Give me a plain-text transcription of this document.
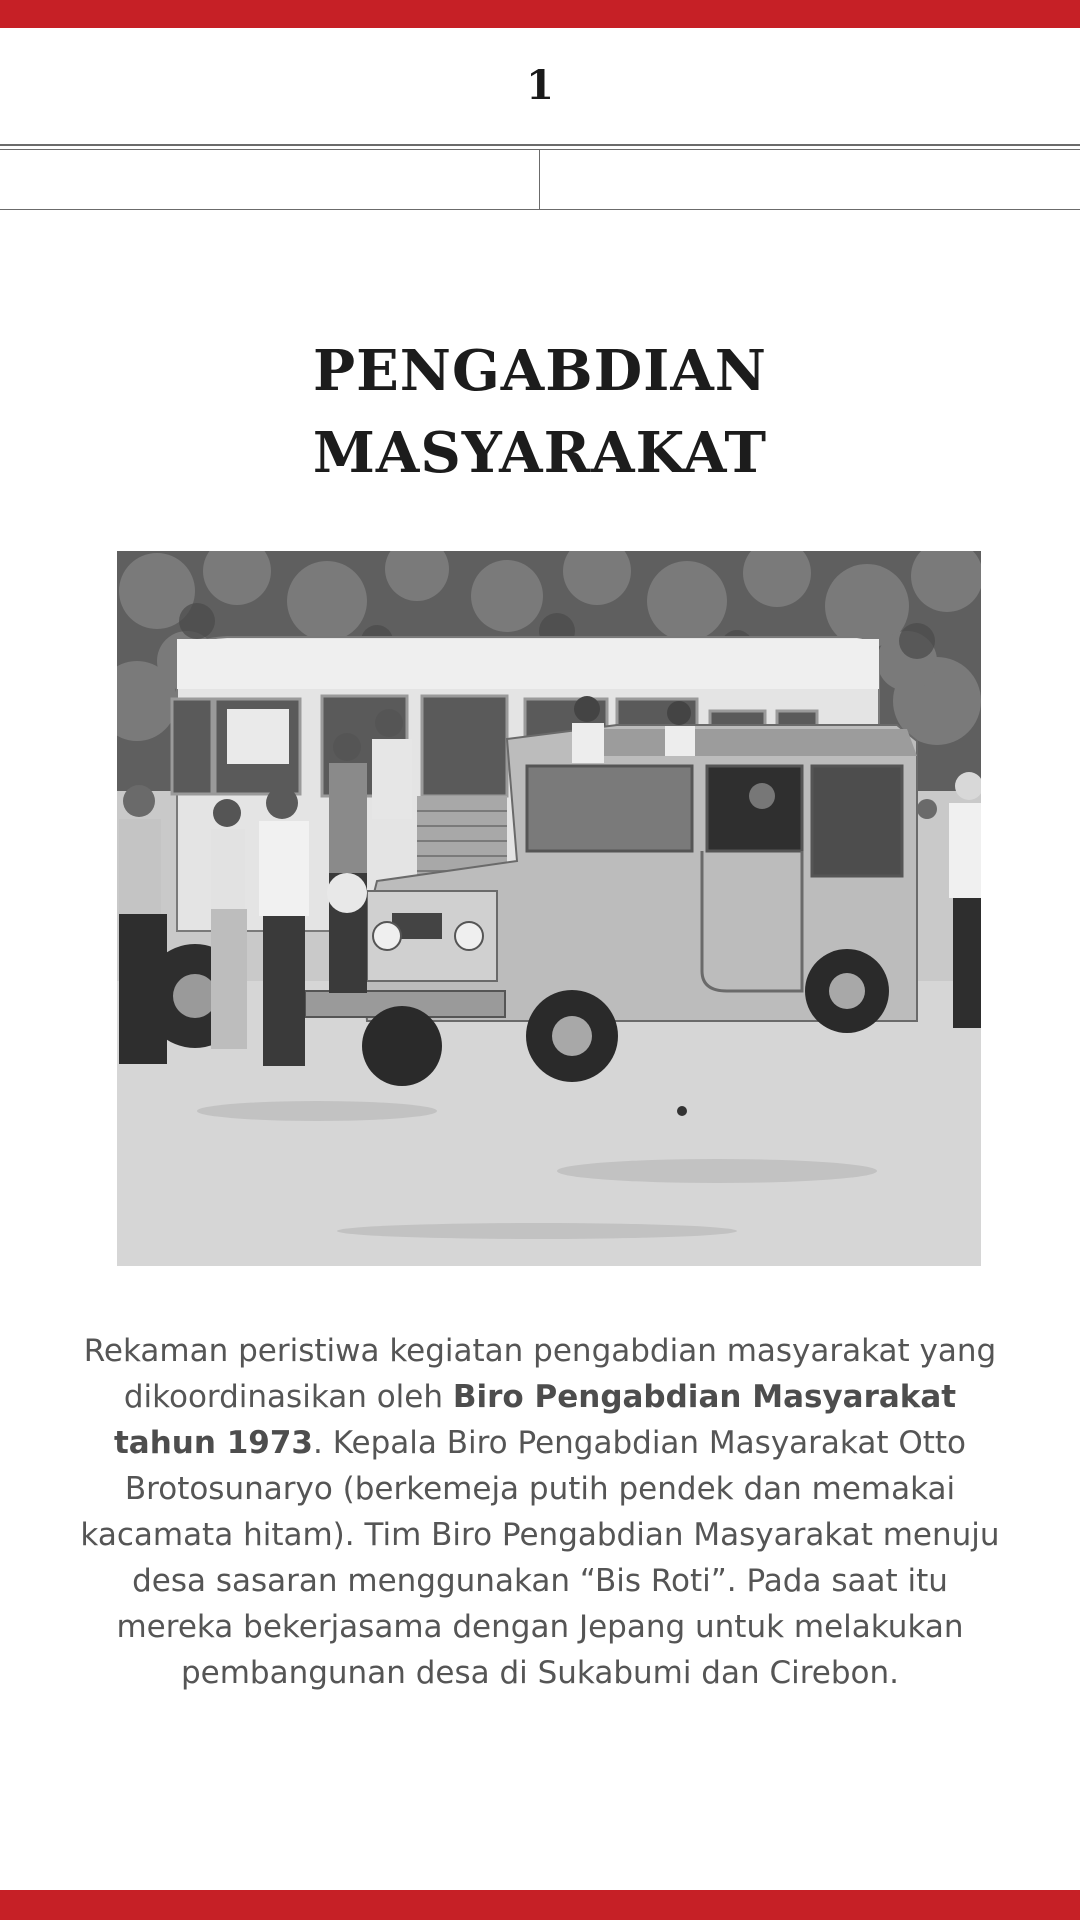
1
PENGABDIAN
MASYARAKAT

Rekaman peristiwa kegiatan pengabdian masyarakat yang dikoordinasikan oleh Biro Pengabdian Masyarakat tahun 1973. Kepala Biro Pengabdian Masyarakat Otto Brotosunaryo (berkemeja putih pendek dan memakai kacamata hitam). Tim Biro Pengabdian Masyarakat menuju desa sasaran menggunakan “Bis Roti”. Pada saat itu mereka bekerjasama dengan Jepang untuk melakukan pembangunan desa di Sukabumi dan Cirebon.
